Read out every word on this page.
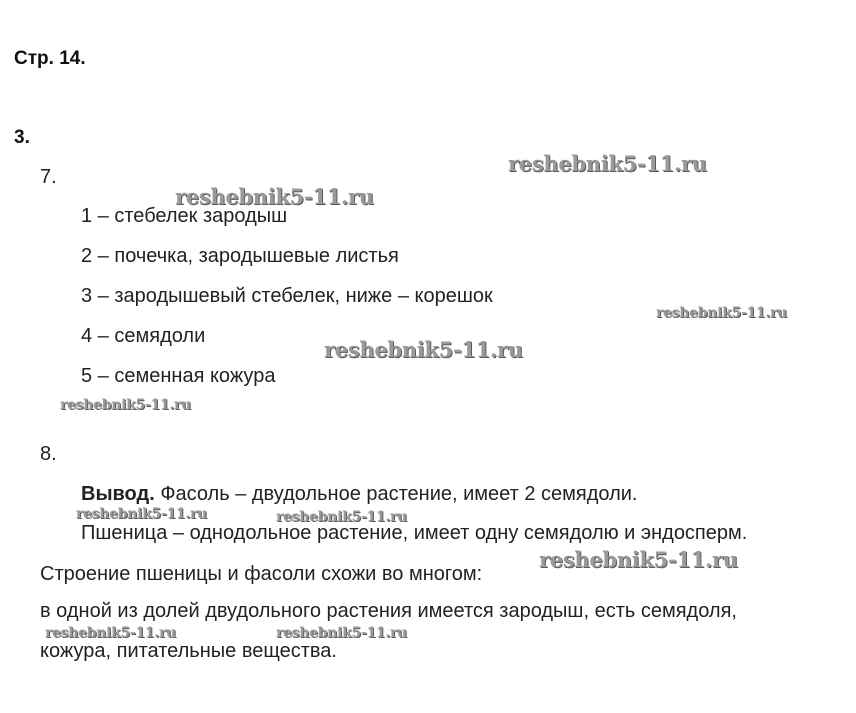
Стр. 14.
3.
7.
1 – стебелек зародыш
2 – почечка, зародышевые листья
3 – зародышевый стебелек, ниже – корешок
4 – семядоли
5 – семенная кожура
8.
Вывод. Фасоль – двудольное растение, имеет 2 семядоли.
Пшеница – однодольное растение, имеет одну семядолю и эндосперм.
Строение пшеницы и фасоли схожи во многом:
в одной из долей двудольного растения имеется зародыш, есть семядоля,
кожура, питательные вещества.
reshebnik5-11.ru
reshebnik5-11.ru
reshebnik5-11.ru
reshebnik5-11.ru
reshebnik5-11.ru
reshebnik5-11.ru	reshebnik5-11.ru
reshebnik5-11.ru
reshebnik5-11.ru	reshebnik5-11.ru
